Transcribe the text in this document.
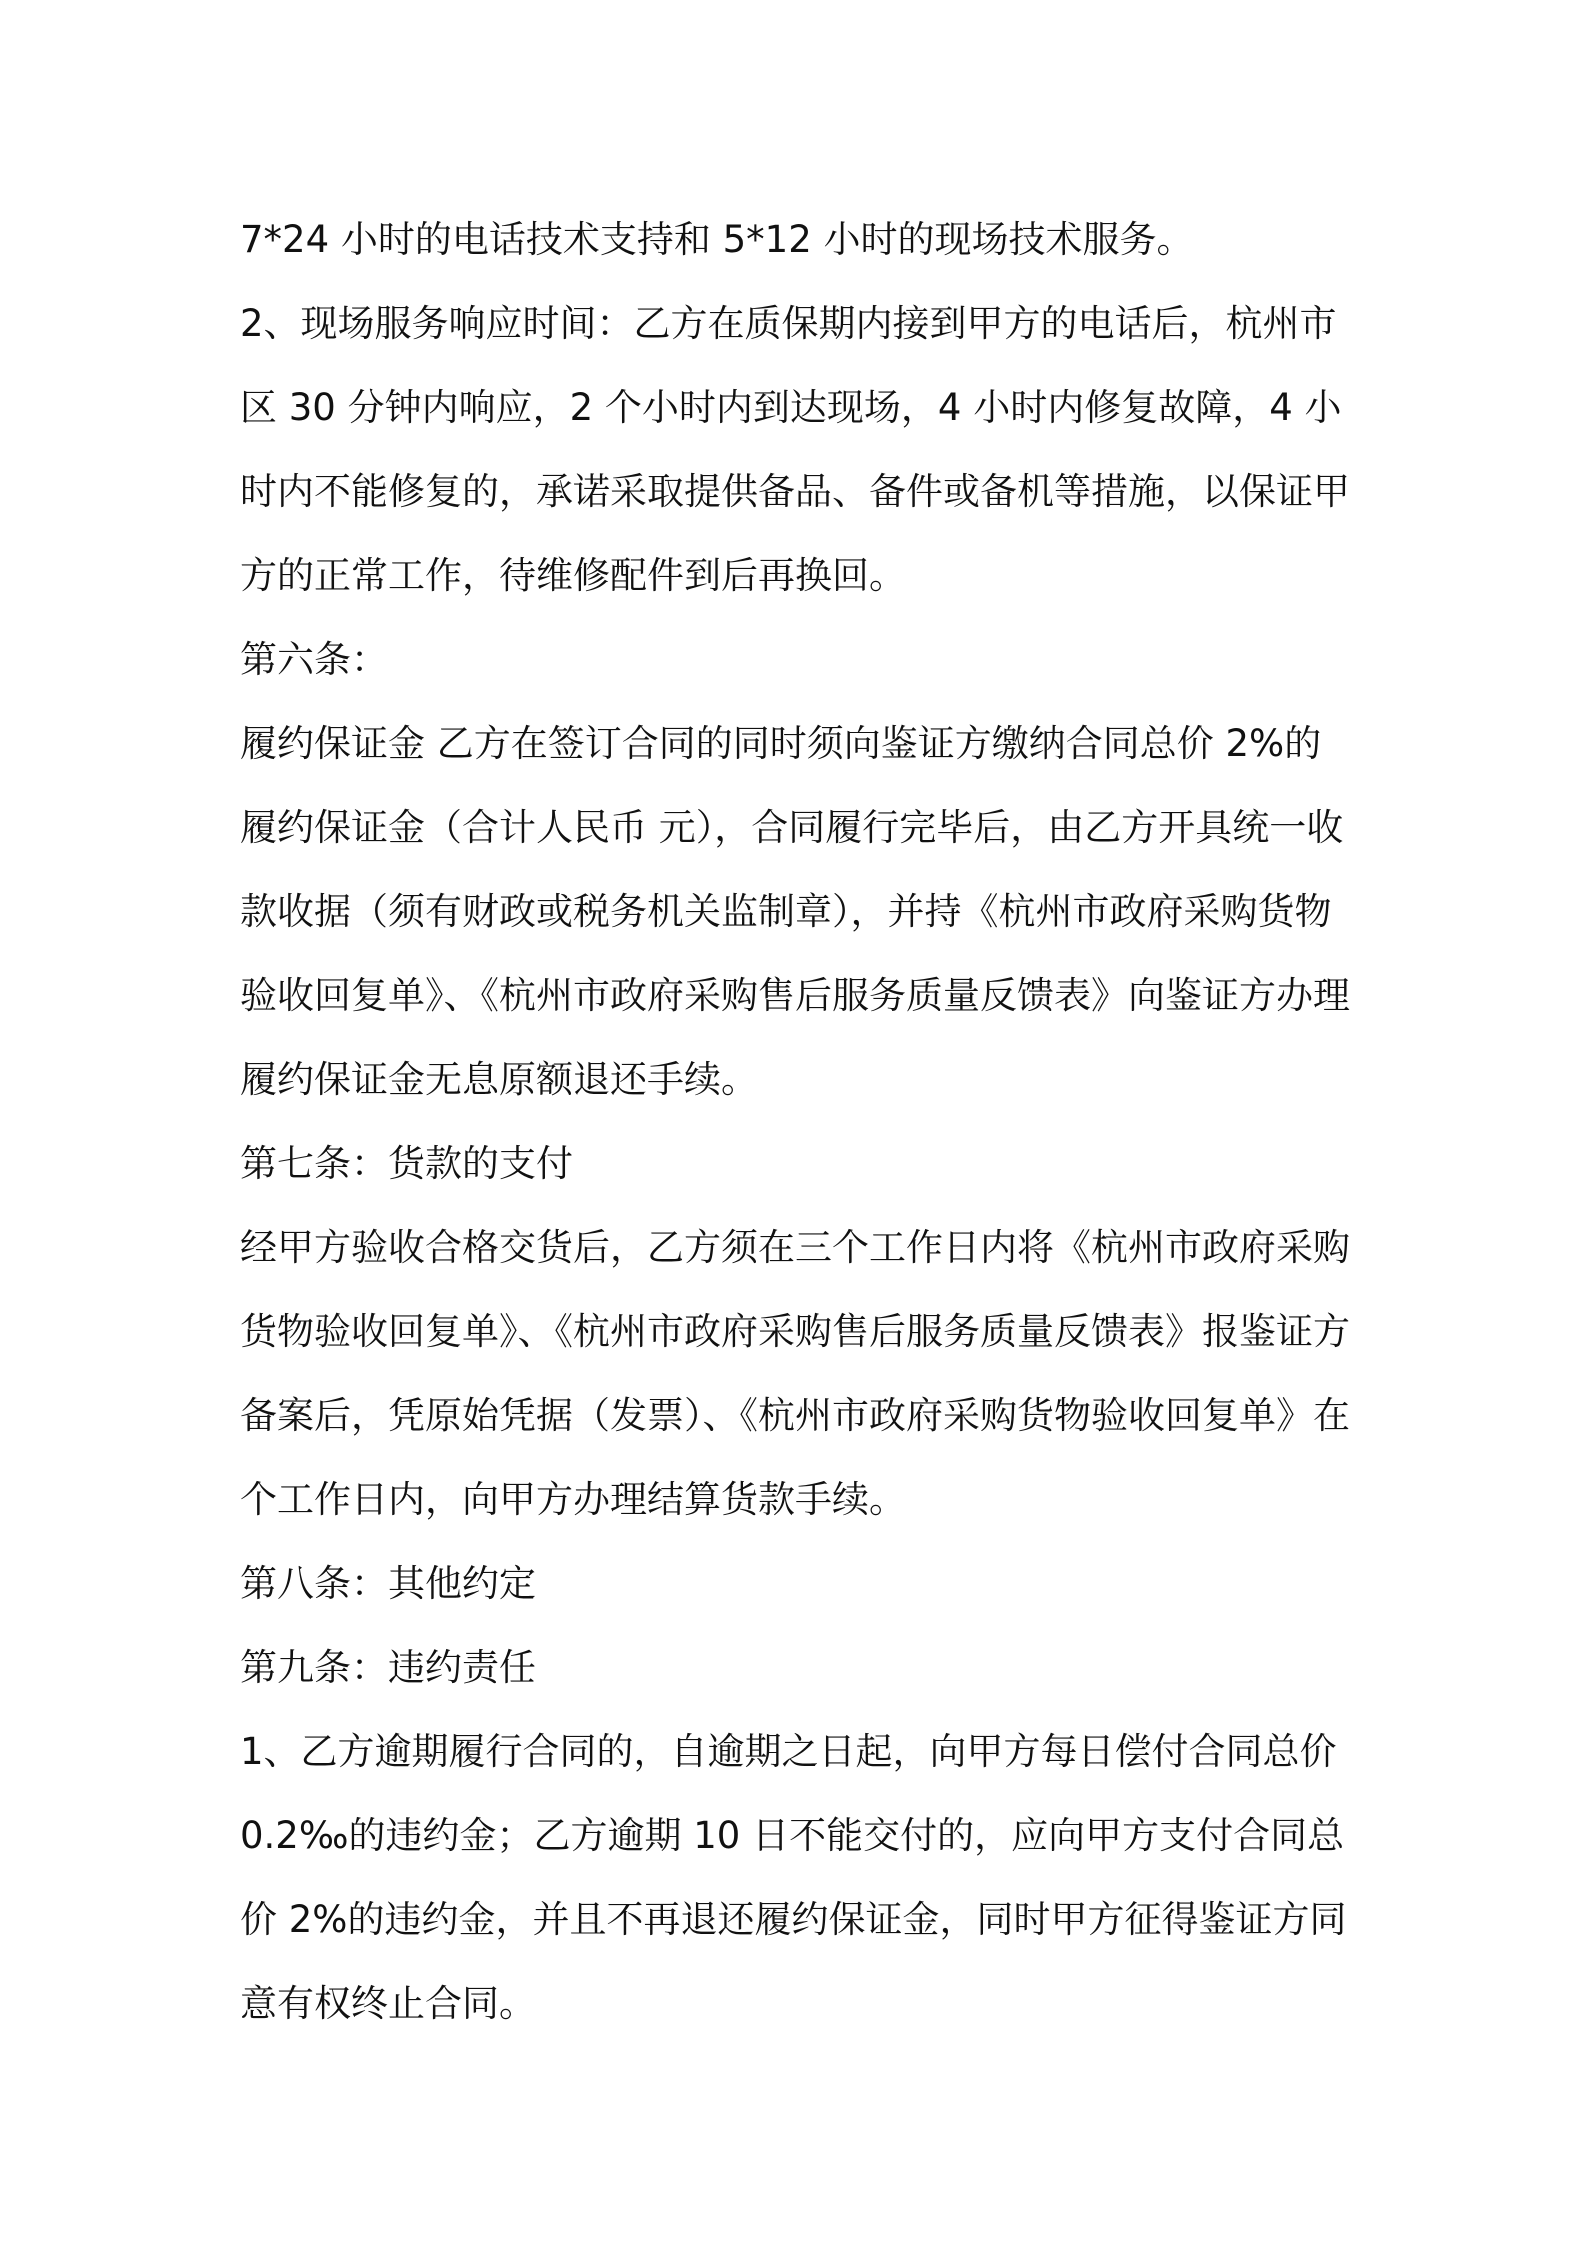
7*24 小时的电话技术支持和 5*12 小时的现场技术服务。

2、现场服务响应时间：乙方在质保期内接到甲方的电话后，杭州市区 30 分钟内响应，2 个小时内到达现场，4 小时内修复故障，4 小时内不能修复的，承诺采取提供备品、备件或备机等措施，以保证甲方的正常工作，待维修配件到后再换回。

第六条：

履约保证金 乙方在签订合同的同时须向鉴证方缴纳合同总价 2%的履约保证金（合计人民币 元），合同履行完毕后，由乙方开具统一收款收据（须有财政或税务机关监制章），并持《杭州市政府采购货物验收回复单》、《杭州市政府采购售后服务质量反馈表》向鉴证方办理履约保证金无息原额退还手续。

第七条：货款的支付

经甲方验收合格交货后，乙方须在三个工作日内将《杭州市政府采购货物验收回复单》、《杭州市政府采购售后服务质量反馈表》报鉴证方备案后，凭原始凭据（发票）、《杭州市政府采购货物验收回复单》在个工作日内，向甲方办理结算货款手续。

第八条：其他约定

第九条：违约责任

1、乙方逾期履行合同的，自逾期之日起，向甲方每日偿付合同总价 0.2‰的违约金；乙方逾期 10 日不能交付的，应向甲方支付合同总价 2%的违约金，并且不再退还履约保证金，同时甲方征得鉴证方同意有权终止合同。
